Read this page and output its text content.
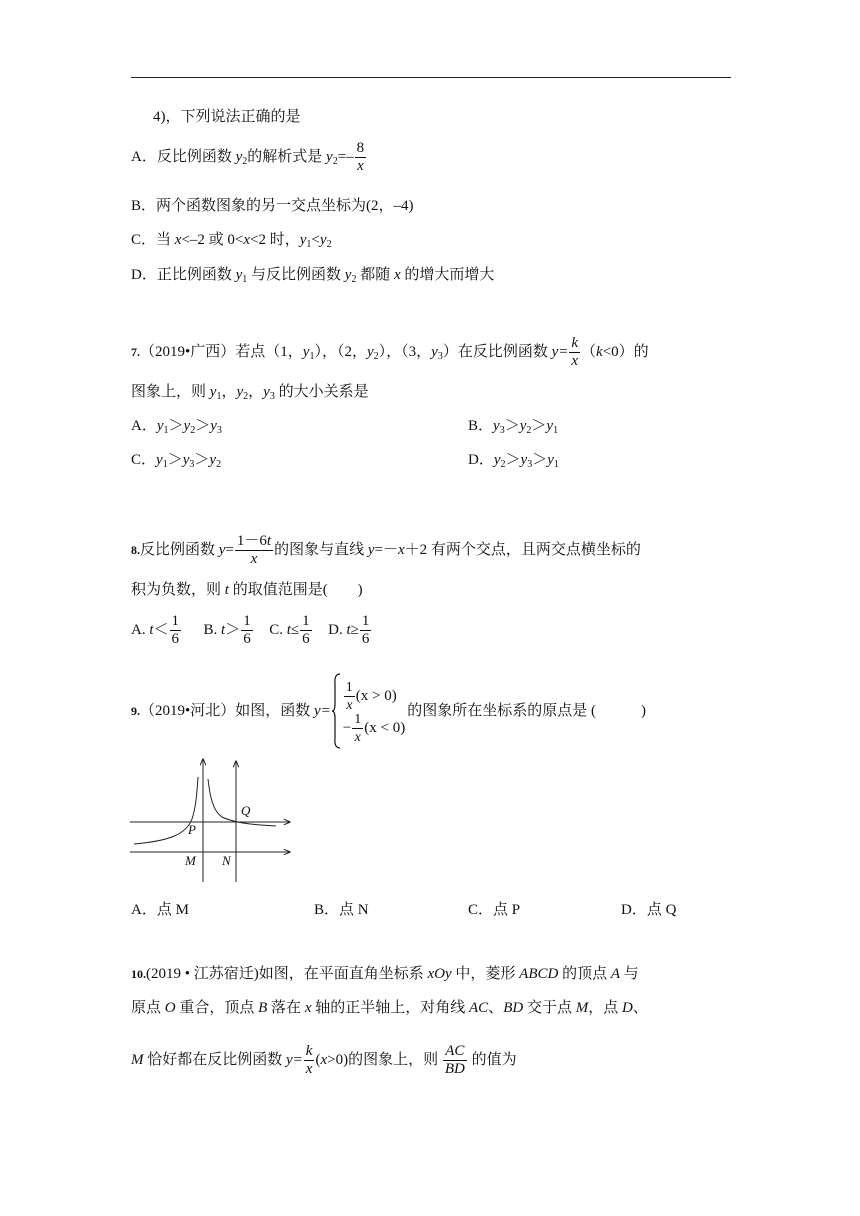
4)，下列说法正确的是
A．反比例函数 $y_2$的解析式是 $y_2=- \frac{8}{x}$
B．两个函数图象的另一交点坐标为(2，–4)
C．当 x<–2 或 0<x<2 时，$y_1<y_2$
D．正比例函数 $y_1$ 与反比例函数 $y_2$ 都随 x 的增大而增大
7.（2019•广西）若点（1，$y_1$），（2，$y_2$），（3，$y_3$）在反比例函数 $y= \frac{k}{x} (k<0)$的
图象上，则 $y_1$，$y_2$，$y_3$ 的大小关系是
A．$y_1>y_2>y_3$	B．$y_3>y_2>y_1$
C．$y_1>y_3>y_2$	D．$y_2>y_3>y_1$
8.反比例函数 $y= \frac{1-6t}{x}$ 的图象与直线 y=－x＋2 有两个交点，且两交点横坐标的
积为负数，则 t 的取值范围是(　　)
A. $t< \frac{1}{6} B$. $t> \frac{1}{6} C$. $t\le \frac{1}{6} D$. $t\ge \frac{1}{6}$
9.（2019•河北）如图，函数 $y= \frac{1}{x} (x > 0)$
− $\frac{1}{x} (x < 0)$
的图象所在坐标系的原点是 (　　　)
Q
P
M N
A．点 M	B．点 N	C．点 P	D．点 Q
10.(2019 • 江苏宿迁)如图，在平面直角坐标系 xOy 中，菱形 ABCD 的顶点 A 与
原点 O 重合，顶点 B 落在 x 轴的正半轴上，对角线 AC、BD 交于点 M，点 D、
M 恰好都在反比例函数 $y= \frac{k}{x} (x>0)$的图象上，则 $\frac{AC}{BD}$ 的值为
